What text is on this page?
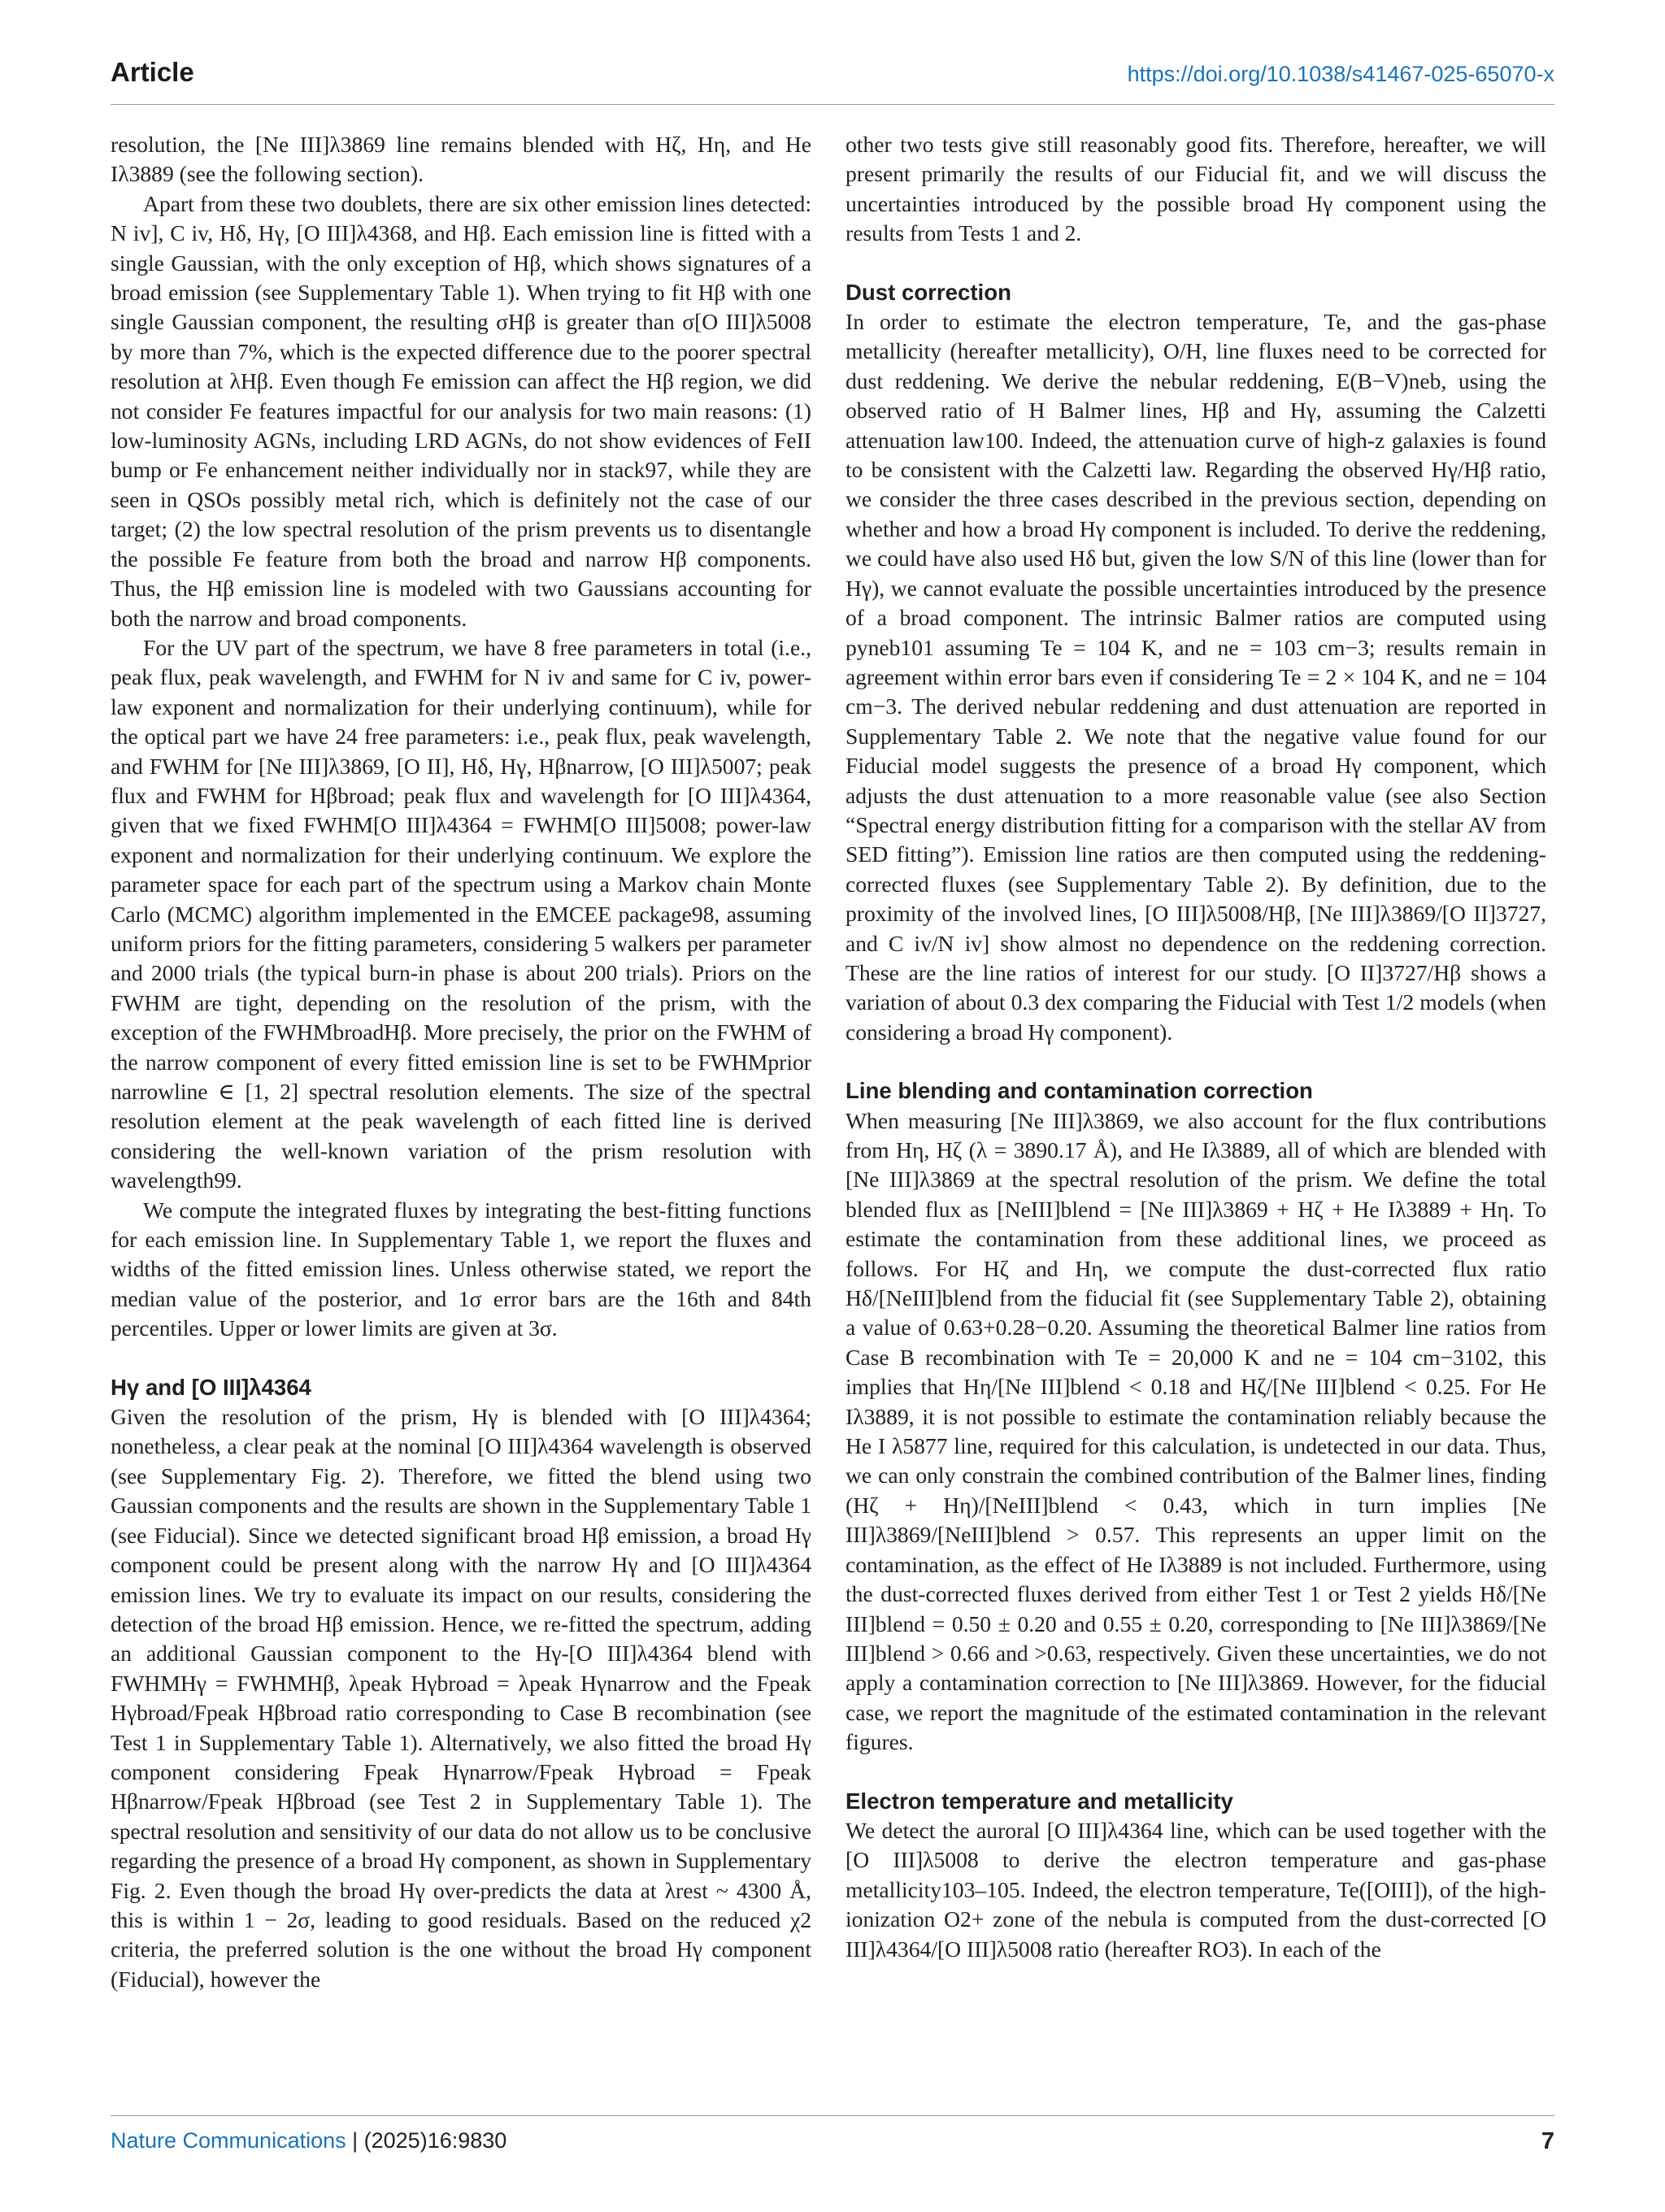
Article	https://doi.org/10.1038/s41467-025-65070-x

resolution, the [Ne III]λ3869 line remains blended with Hζ, Hη, and He Iλ3889 (see the following section).

Apart from these two doublets, there are six other emission lines detected: N iv], C iv, Hδ, Hγ, [O III]λ4368, and Hβ. Each emission line is fitted with a single Gaussian, with the only exception of Hβ, which shows signatures of a broad emission (see Supplementary Table 1). When trying to fit Hβ with one single Gaussian component, the resulting σHβ is greater than σ[O III]λ5008 by more than 7%, which is the expected difference due to the poorer spectral resolution at λHβ. Even though Fe emission can affect the Hβ region, we did not consider Fe features impactful for our analysis for two main reasons: (1) low-luminosity AGNs, including LRD AGNs, do not show evidences of FeII bump or Fe enhancement neither individually nor in stack97, while they are seen in QSOs possibly metal rich, which is definitely not the case of our target; (2) the low spectral resolution of the prism prevents us to disentangle the possible Fe feature from both the broad and narrow Hβ components. Thus, the Hβ emission line is modeled with two Gaussians accounting for both the narrow and broad components.

For the UV part of the spectrum, we have 8 free parameters in total (i.e., peak flux, peak wavelength, and FWHM for N iv and same for C iv, power-law exponent and normalization for their underlying continuum), while for the optical part we have 24 free parameters: i.e., peak flux, peak wavelength, and FWHM for [Ne III]λ3869, [O II], Hδ, Hγ, Hβnarrow, [O III]λ5007; peak flux and FWHM for Hβbroad; peak flux and wavelength for [O III]λ4364, given that we fixed FWHM[O III]λ4364 = FWHM[O III]5008; power-law exponent and normalization for their underlying continuum. We explore the parameter space for each part of the spectrum using a Markov chain Monte Carlo (MCMC) algorithm implemented in the EMCEE package98, assuming uniform priors for the fitting parameters, considering 5 walkers per parameter and 2000 trials (the typical burn-in phase is about 200 trials). Priors on the FWHM are tight, depending on the resolution of the prism, with the exception of the FWHMbroadHβ. More precisely, the prior on the FWHM of the narrow component of every fitted emission line is set to be FWHMprior narrowline ∈ [1, 2] spectral resolution elements. The size of the spectral resolution element at the peak wavelength of each fitted line is derived considering the well-known variation of the prism resolution with wavelength99.

We compute the integrated fluxes by integrating the best-fitting functions for each emission line. In Supplementary Table 1, we report the fluxes and widths of the fitted emission lines. Unless otherwise stated, we report the median value of the posterior, and 1σ error bars are the 16th and 84th percentiles. Upper or lower limits are given at 3σ.

Hγ and [O III]λ4364

Given the resolution of the prism, Hγ is blended with [O III]λ4364; nonetheless, a clear peak at the nominal [O III]λ4364 wavelength is observed (see Supplementary Fig. 2). Therefore, we fitted the blend using two Gaussian components and the results are shown in the Supplementary Table 1 (see Fiducial). Since we detected significant broad Hβ emission, a broad Hγ component could be present along with the narrow Hγ and [O III]λ4364 emission lines. We try to evaluate its impact on our results, considering the detection of the broad Hβ emission. Hence, we re-fitted the spectrum, adding an additional Gaussian component to the Hγ-[O III]λ4364 blend with FWHMHγ = FWHMHβ, λpeak Hγbroad = λpeak Hγnarrow and the Fpeak Hγbroad/Fpeak Hβbroad ratio corresponding to Case B recombination (see Test 1 in Supplementary Table 1). Alternatively, we also fitted the broad Hγ component considering Fpeak Hγnarrow/Fpeak Hγbroad = Fpeak Hβnarrow/Fpeak Hβbroad (see Test 2 in Supplementary Table 1). The spectral resolution and sensitivity of our data do not allow us to be conclusive regarding the presence of a broad Hγ component, as shown in Supplementary Fig. 2. Even though the broad Hγ over-predicts the data at λrest ~ 4300 Å, this is within 1 − 2σ, leading to good residuals. Based on the reduced χ2 criteria, the preferred solution is the one without the broad Hγ component (Fiducial), however the

other two tests give still reasonably good fits. Therefore, hereafter, we will present primarily the results of our Fiducial fit, and we will discuss the uncertainties introduced by the possible broad Hγ component using the results from Tests 1 and 2.

Dust correction

In order to estimate the electron temperature, Te, and the gas-phase metallicity (hereafter metallicity), O/H, line fluxes need to be corrected for dust reddening. We derive the nebular reddening, E(B−V)neb, using the observed ratio of H Balmer lines, Hβ and Hγ, assuming the Calzetti attenuation law100. Indeed, the attenuation curve of high-z galaxies is found to be consistent with the Calzetti law. Regarding the observed Hγ/Hβ ratio, we consider the three cases described in the previous section, depending on whether and how a broad Hγ component is included. To derive the reddening, we could have also used Hδ but, given the low S/N of this line (lower than for Hγ), we cannot evaluate the possible uncertainties introduced by the presence of a broad component. The intrinsic Balmer ratios are computed using pyneb101 assuming Te = 104 K, and ne = 103 cm−3; results remain in agreement within error bars even if considering Te = 2 × 104 K, and ne = 104 cm−3. The derived nebular reddening and dust attenuation are reported in Supplementary Table 2. We note that the negative value found for our Fiducial model suggests the presence of a broad Hγ component, which adjusts the dust attenuation to a more reasonable value (see also Section “Spectral energy distribution fitting for a comparison with the stellar AV from SED fitting”). Emission line ratios are then computed using the reddening-corrected fluxes (see Supplementary Table 2). By definition, due to the proximity of the involved lines, [O III]λ5008/Hβ, [Ne III]λ3869/[O II]3727, and C iv/N iv] show almost no dependence on the reddening correction. These are the line ratios of interest for our study. [O II]3727/Hβ shows a variation of about 0.3 dex comparing the Fiducial with Test 1/2 models (when considering a broad Hγ component).

Line blending and contamination correction

When measuring [Ne III]λ3869, we also account for the flux contributions from Hη, Hζ (λ = 3890.17 Å), and He Iλ3889, all of which are blended with [Ne III]λ3869 at the spectral resolution of the prism. We define the total blended flux as [NeIII]blend = [Ne III]λ3869 + Hζ + He Iλ3889 + Hη. To estimate the contamination from these additional lines, we proceed as follows. For Hζ and Hη, we compute the dust-corrected flux ratio Hδ/[NeIII]blend from the fiducial fit (see Supplementary Table 2), obtaining a value of 0.63+0.28−0.20. Assuming the theoretical Balmer line ratios from Case B recombination with Te = 20,000 K and ne = 104 cm−3102, this implies that Hη/[Ne III]blend < 0.18 and Hζ/[Ne III]blend < 0.25. For He Iλ3889, it is not possible to estimate the contamination reliably because the He I λ5877 line, required for this calculation, is undetected in our data. Thus, we can only constrain the combined contribution of the Balmer lines, finding (Hζ + Hη)/[NeIII]blend < 0.43, which in turn implies [Ne III]λ3869/[NeIII]blend > 0.57. This represents an upper limit on the contamination, as the effect of He Iλ3889 is not included. Furthermore, using the dust-corrected fluxes derived from either Test 1 or Test 2 yields Hδ/[Ne III]blend = 0.50 ± 0.20 and 0.55 ± 0.20, corresponding to [Ne III]λ3869/[Ne III]blend > 0.66 and >0.63, respectively. Given these uncertainties, we do not apply a contamination correction to [Ne III]λ3869. However, for the fiducial case, we report the magnitude of the estimated contamination in the relevant figures.

Electron temperature and metallicity

We detect the auroral [O III]λ4364 line, which can be used together with the [O III]λ5008 to derive the electron temperature and gas-phase metallicity103–105. Indeed, the electron temperature, Te([OIII]), of the high-ionization O2+ zone of the nebula is computed from the dust-corrected [O III]λ4364/[O III]λ5008 ratio (hereafter RO3). In each of the

Nature Communications | (2025)16:9830	7
